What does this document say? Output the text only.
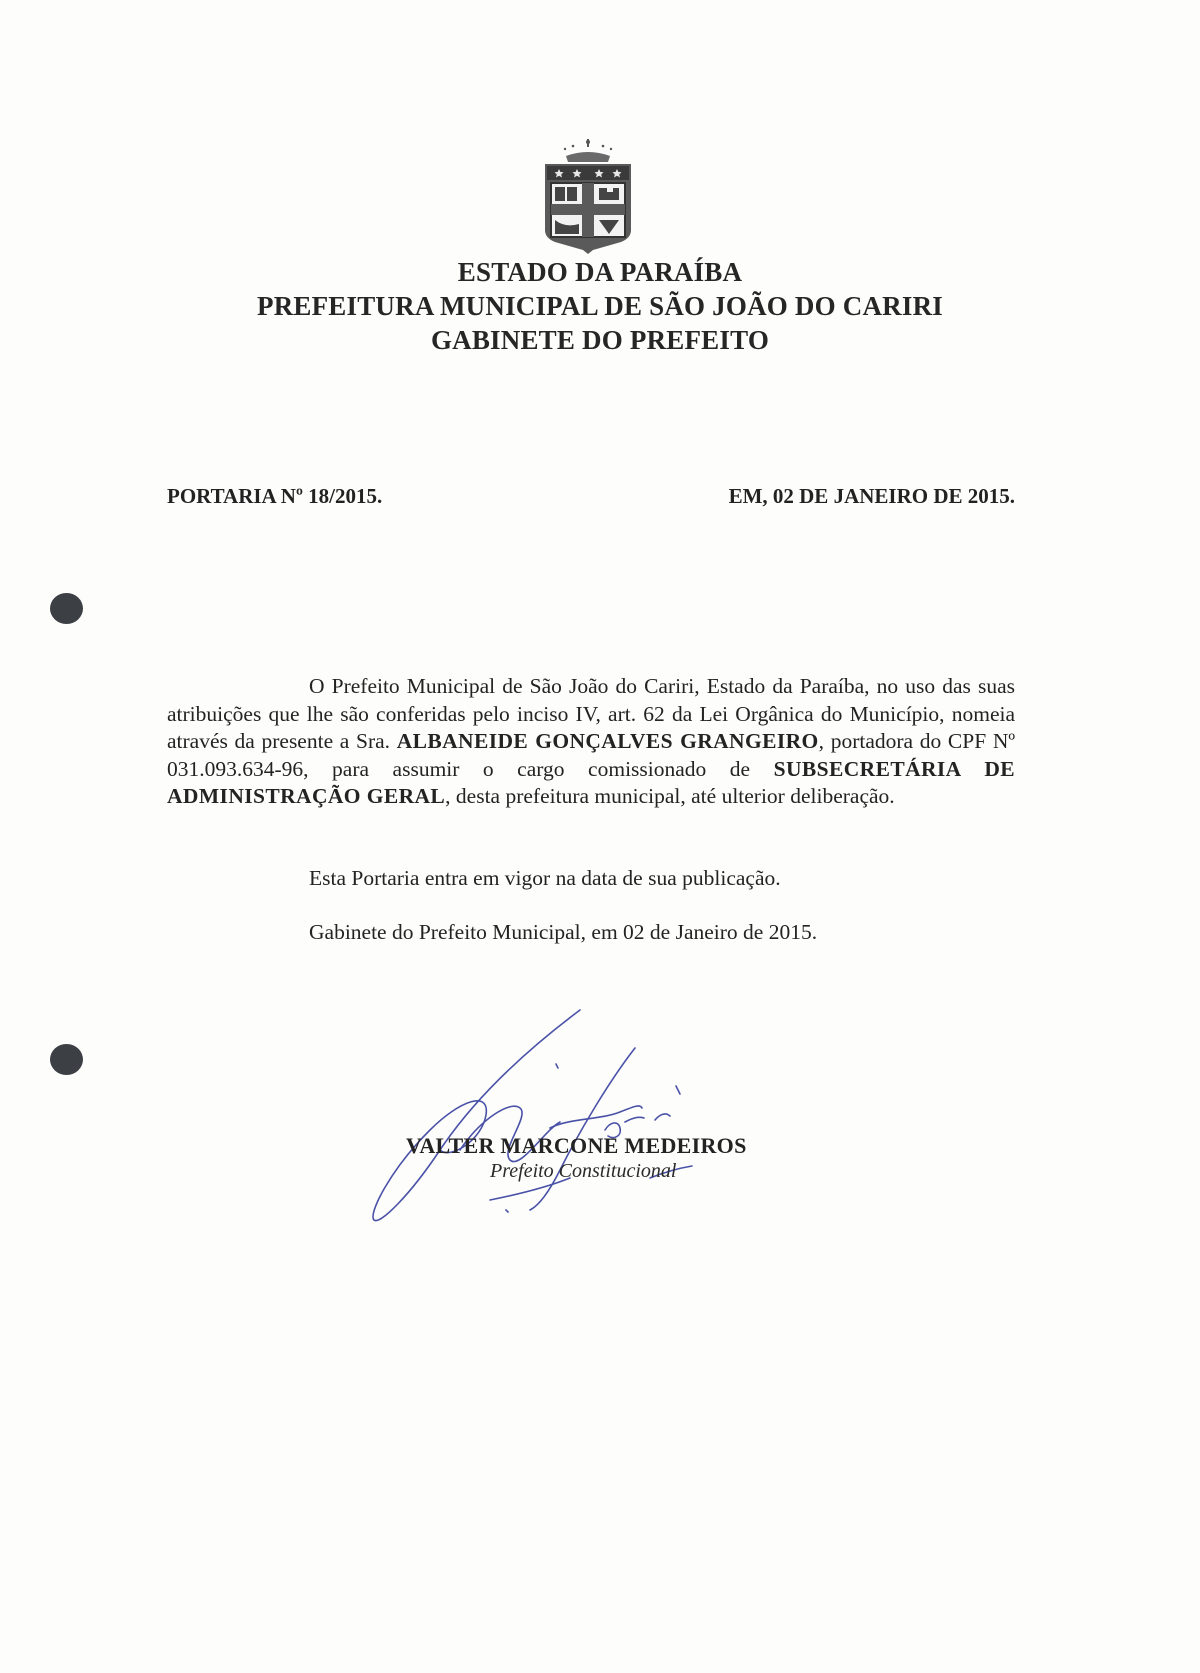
ESTADO DA PARAÍBA
PREFEITURA MUNICIPAL DE SÃO JOÃO DO CARIRI
GABINETE DO PREFEITO
PORTARIA Nº 18/2015.	EM, 02 DE JANEIRO DE 2015.
O Prefeito Municipal de São João do Cariri, Estado da Paraíba, no uso das suas atribuições que lhe são conferidas pelo inciso IV, art. 62 da Lei Orgânica do Município, nomeia através da presente a Sra. ALBANEIDE GONÇALVES GRANGEIRO, portadora do CPF Nº 031.093.634-96, para assumir o cargo comissionado de SUBSECRETÁRIA DE ADMINISTRAÇÃO GERAL, desta prefeitura municipal, até ulterior deliberação.
Esta Portaria entra em vigor na data de sua publicação.
Gabinete do Prefeito Municipal, em 02 de Janeiro de 2015.
VALTER MARCONE MEDEIROS
Prefeito Constitucional
